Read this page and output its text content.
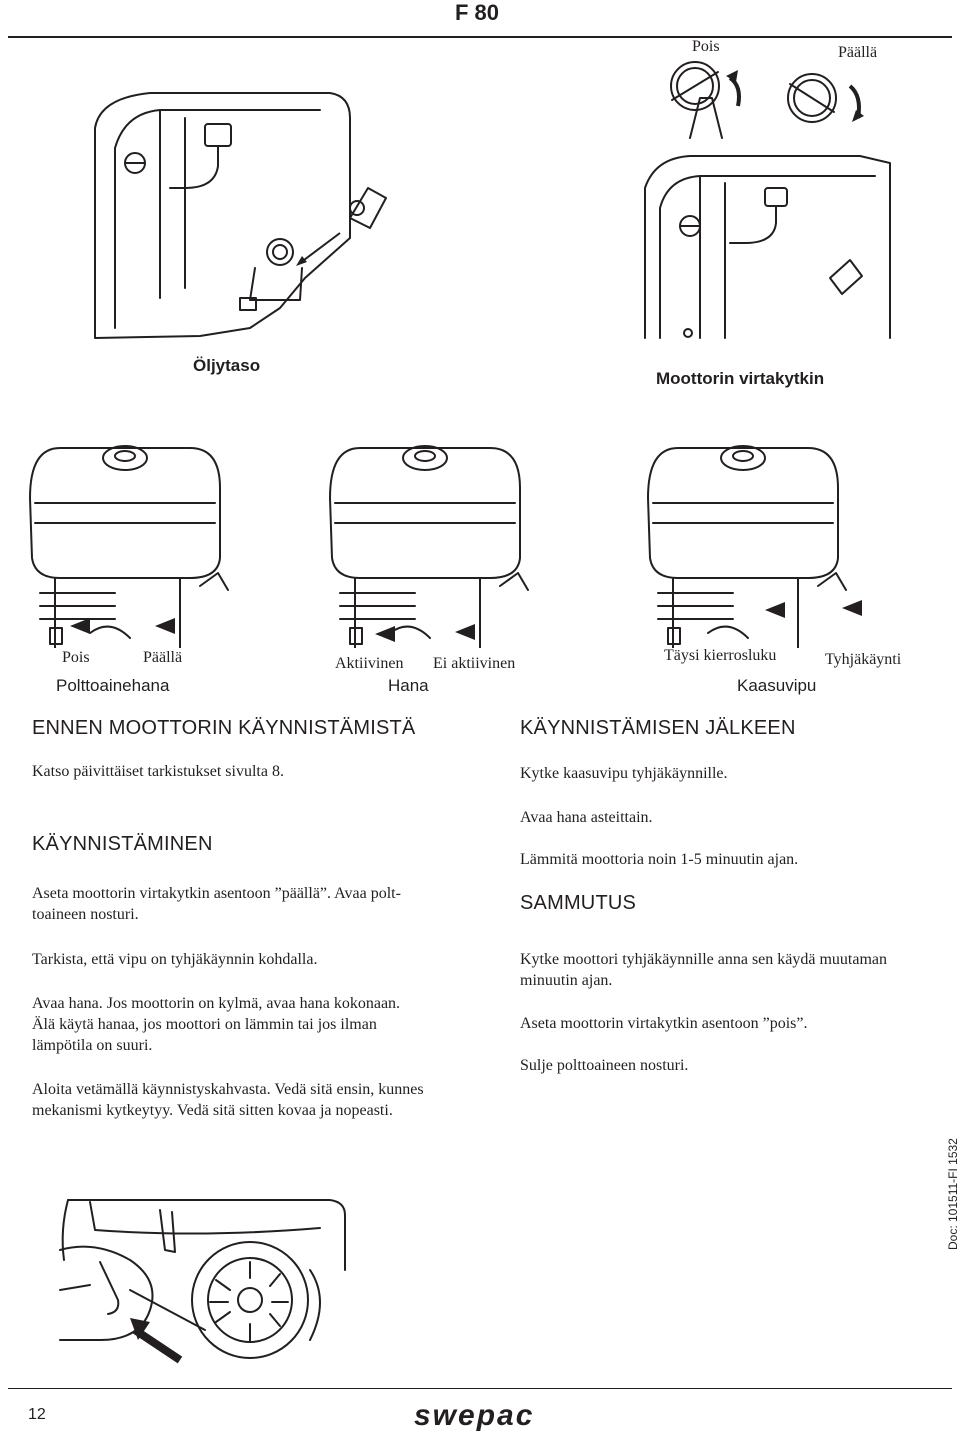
F 80
Pois	Päällä
Öljytaso
Moottorin virtakytkin
Pois	Päällä
Polttoainehana
Aktiivinen Ei aktiivinen
Hana
Täysi kierrosluku	Tyhjäkäynti
Kaasuvipu
ENNEN MOOTTORIN KÄYNNISTÄMISTÄ
Katso päivittäiset tarkistukset sivulta 8.
KÄYNNISTÄMINEN
Aseta moottorin virtakytkin asentoon ”päällä”. Avaa polt-
toaineen nosturi.
Tarkista, että vipu on tyhjäkäynnin kohdalla.
Avaa hana. Jos moottorin on kylmä, avaa hana kokonaan.
Älä käytä hanaa, jos moottori on lämmin tai jos ilman
lämpötila on suuri.
Aloita vetämällä käynnistyskahvasta. Vedä sitä ensin, kunnes
mekanismi kytkeytyy. Vedä sitä sitten kovaa ja nopeasti.
KÄYNNISTÄMISEN JÄLKEEN
Kytke kaasuvipu tyhjäkäynnille.
Avaa hana asteittain.
Lämmitä moottoria noin 1-5 minuutin ajan.
SAMMUTUS
Kytke moottori tyhjäkäynnille anna sen käydä muutaman
minuutin ajan.
Aseta moottorin virtakytkin asentoon ”pois”.
Sulje polttoaineen nosturi.
Doc: 101511-FI 1532
12	swepac
